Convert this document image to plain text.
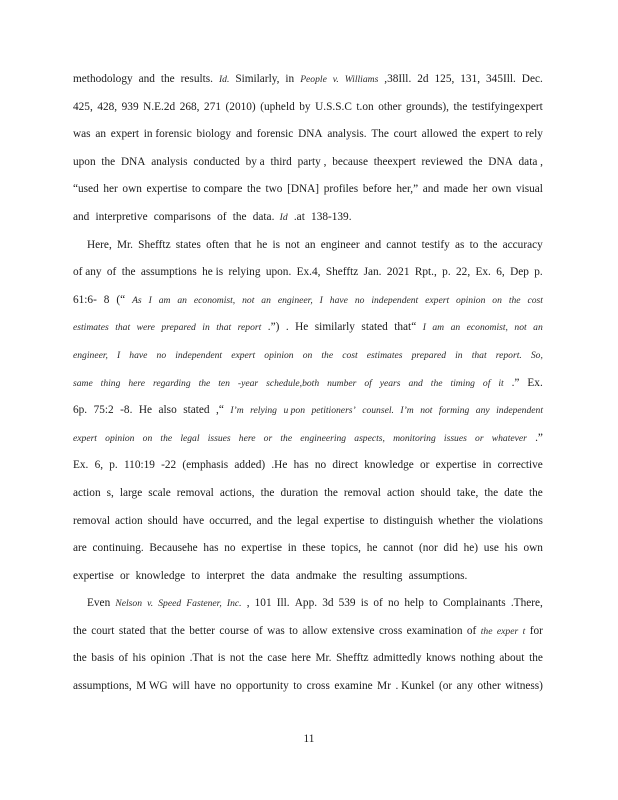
methodology and the results. Id. Similarly, in People v. Williams ,38Ill. 2d 125, 131, 345Ill. Dec.
425, 428, 939 N.E.2d 268, 271 (2010) (upheld by U.S.S.C t.on other grounds), the testifyingexpert
was an expert in forensic biology and forensic DNA analysis. The court allowed the expert to rely
upon the DNA analysis conducted by a third party , because theexpert reviewed the DNA data ,
“used her own expertise to compare the two [DNA] profiles before her,” and made her own visual
and interpretive comparisons of the data. Id .at 138-139.
Here, Mr. Shefftz states often that he is not an engineer and cannot testify as to the accuracy
of any of the assumptions he is relying upon. Ex.4, Shefftz Jan. 2021 Rpt., p. 22, Ex. 6, Dep p.
61:6- 8 (“ As I am an economist, not an engineer, I have no independent expert opinion on the cost
estimates that were prepared in that report .”) . He similarly stated that“ I am an economist, not an
engineer, I have no independent expert opinion on the cost estimates prepared in that report. So,
same thing here regarding the ten -year schedule,both number of years and the timing of it .” Ex.
6p. 75:2 -8. He also stated ,“ I’m relying u pon petitioners’ counsel. I’m not forming any independent
expert opinion on the legal issues here or the engineering aspects, monitoring issues or whatever .”
Ex. 6, p. 110:19 -22 (emphasis added) .He has no direct knowledge or expertise in corrective
action s, large scale removal actions, the duration the removal action should take, the date the
removal action should have occurred, and the legal expertise to distinguish whether the violations
are continuing. Becausehe has no expertise in these topics, he cannot (nor did he) use his own
expertise or knowledge to interpret the data andmake the resulting assumptions.
Even Nelson v. Speed Fastener, Inc. , 101 Ill. App. 3d 539 is of no help to Complainants .There,
the court stated that the better course of was to allow extensive cross examination of the exper t for
the basis of his opinion .That is not the case here Mr. Shefftz admittedly knows nothing about the
assumptions, M WG will have no opportunity to cross examine Mr . Kunkel (or any other witness)
11
